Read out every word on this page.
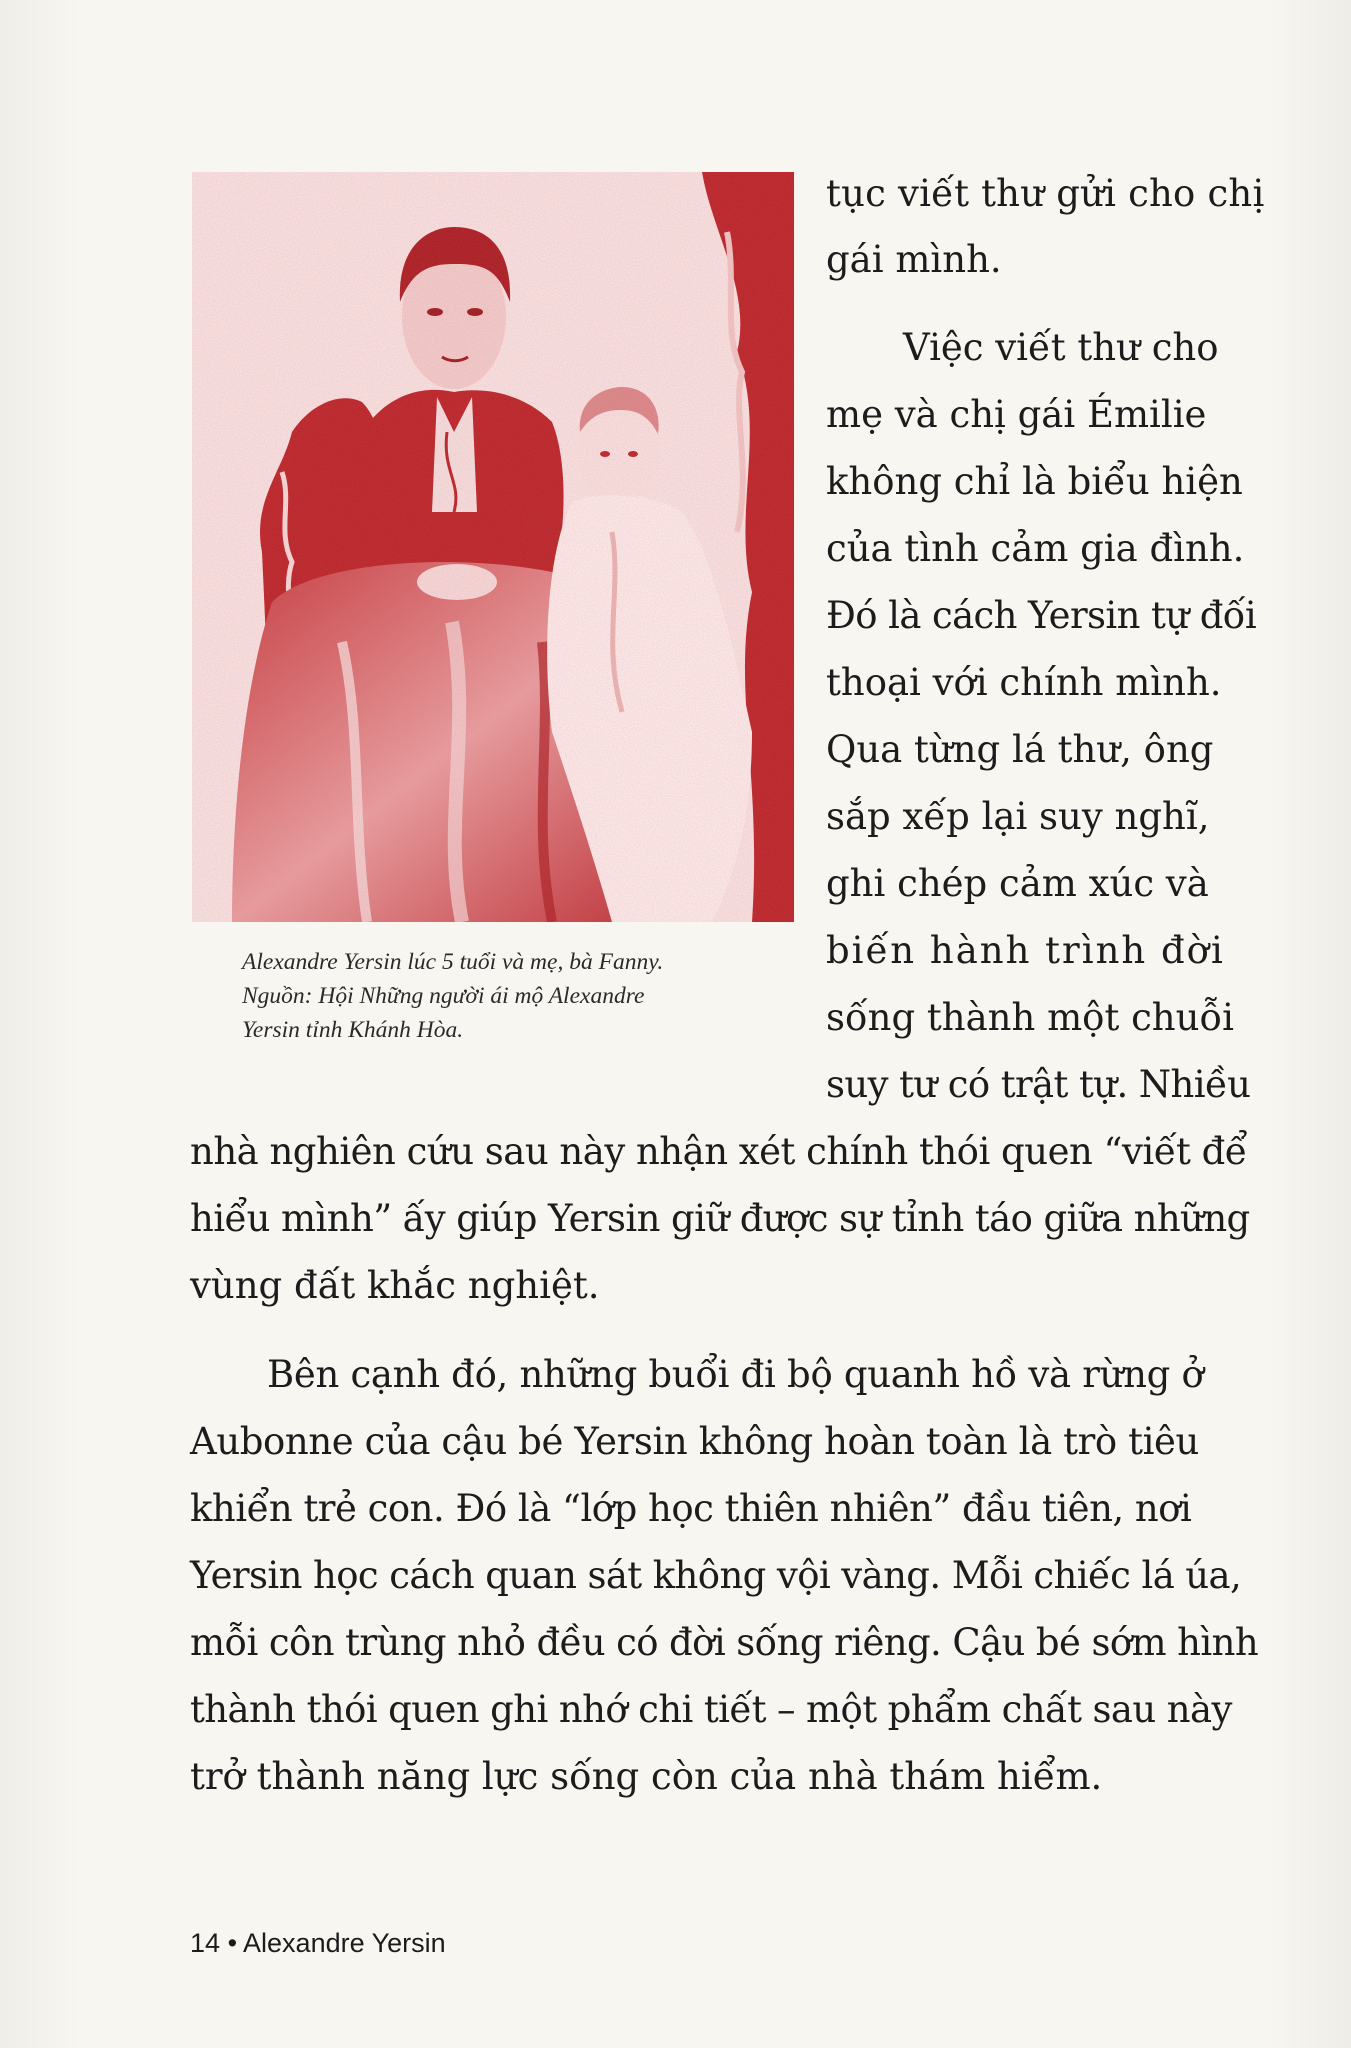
Alexandre Yersin lúc 5 tuổi và mẹ, bà Fanny.
Nguồn: Hội Những người ái mộ Alexandre
Yersin tỉnh Khánh Hòa.
tục viết thư gửi cho chị
gái mình.
Việc viết thư cho
mẹ và chị gái Émilie
không chỉ là biểu hiện
của tình cảm gia đình.
Đó là cách Yersin tự đối
thoại với chính mình.
Qua từng lá thư, ông
sắp xếp lại suy nghĩ,
ghi chép cảm xúc và
biến hành trình đời
sống thành một chuỗi
suy tư có trật tự. Nhiều
nhà nghiên cứu sau này nhận xét chính thói quen “viết để
hiểu mình” ấy giúp Yersin giữ được sự tỉnh táo giữa những
vùng đất khắc nghiệt.
Bên cạnh đó, những buổi đi bộ quanh hồ và rừng ở
Aubonne của cậu bé Yersin không hoàn toàn là trò tiêu
khiển trẻ con. Đó là “lớp học thiên nhiên” đầu tiên, nơi
Yersin học cách quan sát không vội vàng. Mỗi chiếc lá úa,
mỗi côn trùng nhỏ đều có đời sống riêng. Cậu bé sớm hình
thành thói quen ghi nhớ chi tiết – một phẩm chất sau này
trở thành năng lực sống còn của nhà thám hiểm.
14 • Alexandre Yersin
